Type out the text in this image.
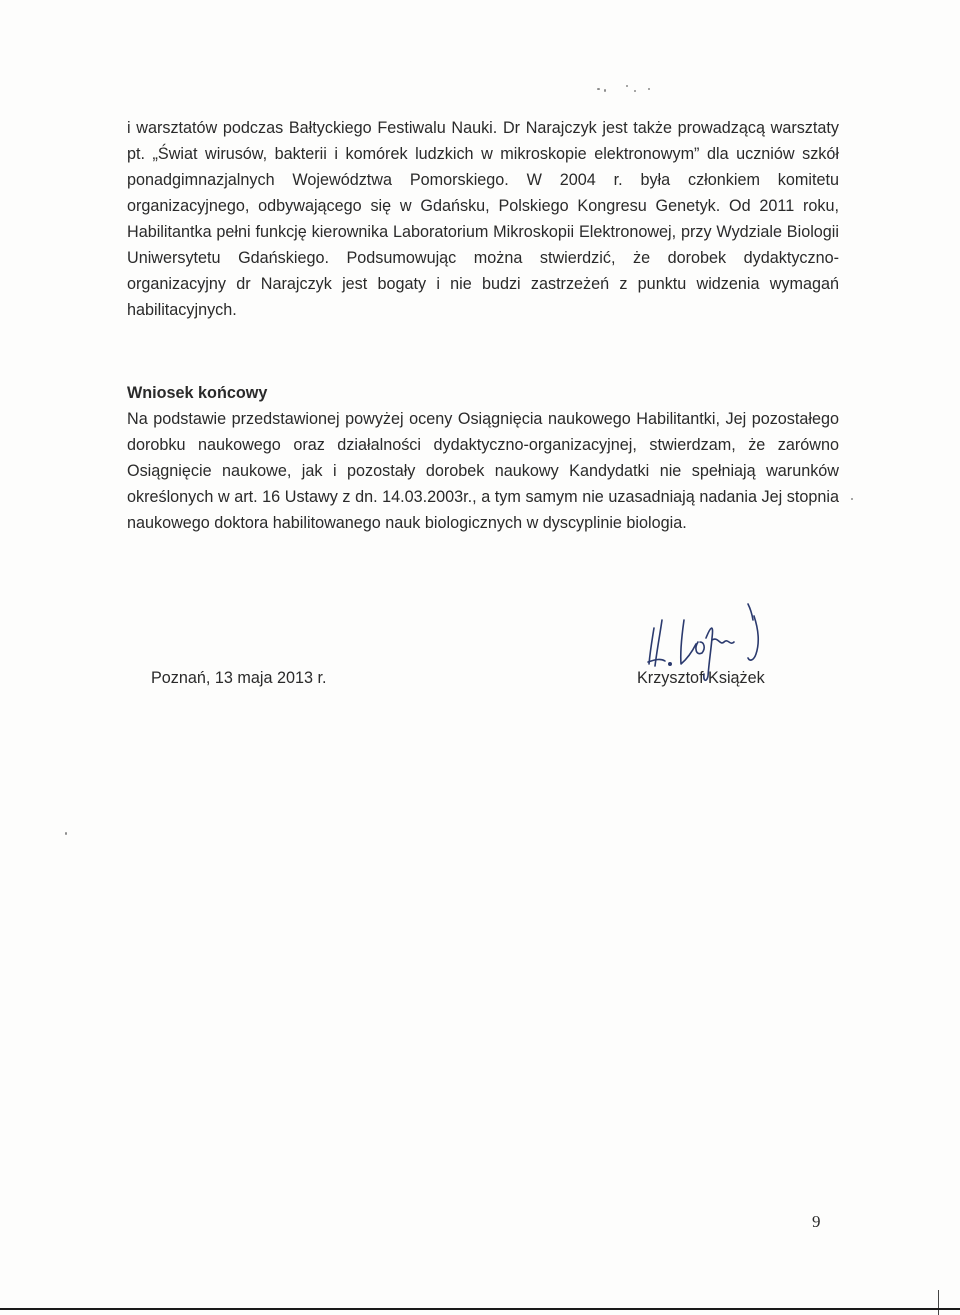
i warsztatów podczas Bałtyckiego Festiwalu Nauki. Dr Narajczyk jest także prowadzącą warsztaty pt. „Świat wirusów, bakterii i komórek ludzkich w mikroskopie elektronowym” dla uczniów szkół ponadgimnazjalnych Województwa Pomorskiego. W 2004 r. była członkiem komitetu organizacyjnego, odbywającego się w Gdańsku, Polskiego Kongresu Genetyk. Od 2011 roku, Habilitantka pełni funkcję kierownika Laboratorium Mikroskopii Elektronowej, przy Wydziale Biologii Uniwersytetu Gdańskiego. Podsumowując można stwierdzić, że dorobek dydaktyczno-organizacyjny dr Narajczyk jest bogaty i nie budzi zastrzeżeń z punktu widzenia wymagań habilitacyjnych.

Wniosek końcowy

Na podstawie przedstawionej powyżej oceny Osiągnięcia naukowego Habilitantki, Jej pozostałego dorobku naukowego oraz działalności dydaktyczno-organizacyjnej, stwierdzam, że zarówno Osiągnięcie naukowe, jak i pozostały dorobek naukowy Kandydatki nie spełniają warunków określonych w art. 16 Ustawy z dn. 14.03.2003r., a tym samym nie uzasadniają nadania Jej stopnia naukowego doktora habilitowanego nauk biologicznych w dyscyplinie biologia.

Poznań, 13 maja 2013 r.	Krzysztof Książek

9
